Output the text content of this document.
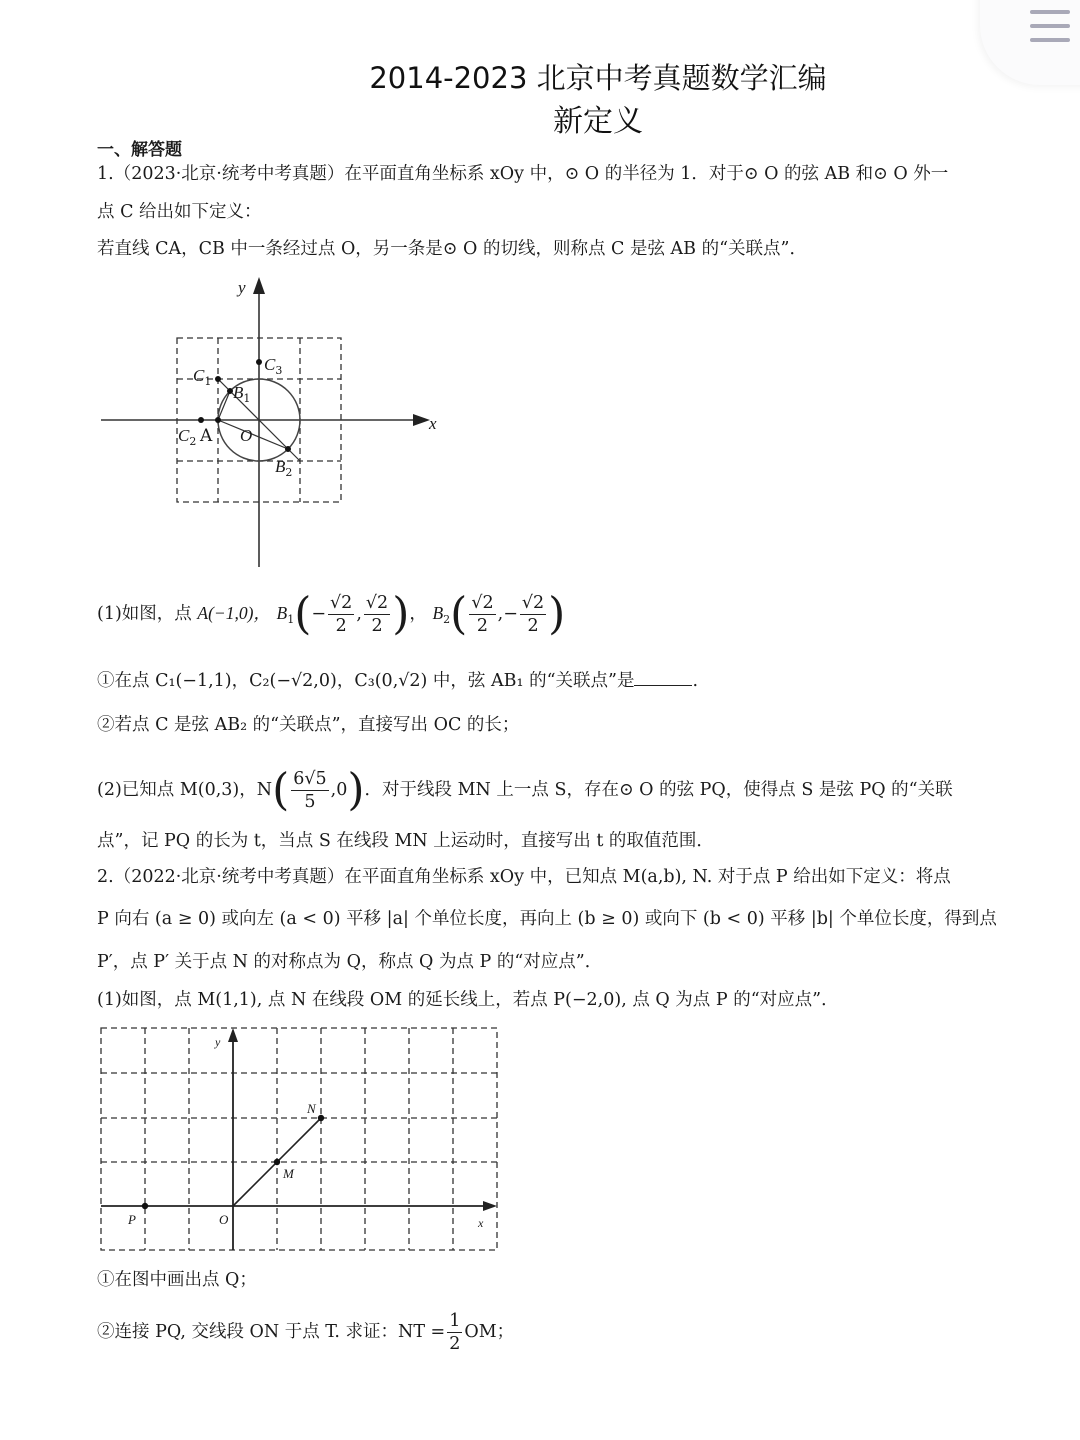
2014-2023 北京中考真题数学汇编
新定义
一、解答题
1.（2023·北京·统考中考真题）在平面直角坐标系 xOy 中，⊙ O 的半径为 1．对于⊙ O 的弦 AB 和⊙ O 外一
点 C 给出如下定义：
若直线 CA，CB 中一条经过点 O，另一条是⊙ O 的切线，则称点 C 是弦 AB 的“关联点”．
y
x
O
A
$B_1$
$B_2$
$C_1$
$C_2$
$C_3$
(1)如图，点 A(−1,0)， $B_1(- \frac{√2}{2}$ , $\frac{√2}{2}$ )， $B_2( \frac{√2}{2}$ ,− $\frac{√2}{2}$ )
①在点 C₁(−1,1)，C₂(−√2,0)，C₃(0,√2) 中，弦 AB₁ 的“关联点”是	.
②若点 C 是弦 AB₂ 的“关联点”，直接写出 OC 的长；
(2)已知点 M(0,3)，$N( \frac{6√5}{5} ,0)$．对于线段 MN 上一点 S，存在⊙ O 的弦 PQ，使得点 S 是弦 PQ 的“关联
点”，记 PQ 的长为 t，当点 S 在线段 MN 上运动时，直接写出 t 的取值范围．
2.（2022·北京·统考中考真题）在平面直角坐标系 xOy 中，已知点 M(a,b), N. 对于点 P 给出如下定义：将点
P 向右 (a ≥ 0) 或向左 (a < 0) 平移 |a| 个单位长度，再向上 (b ≥ 0) 或向下 (b < 0) 平移 |b| 个单位长度，得到点
P′，点 P′ 关于点 N 的对称点为 Q，称点 Q 为点 P 的“对应点”．
(1)如图，点 M(1,1), 点 N 在线段 OM 的延长线上，若点 P(−2,0), 点 Q 为点 P 的“对应点”．
y
x
O
P
M
N
①在图中画出点 Q；
②连接 PQ, 交线段 ON 于点 T. 求证：NT = $\frac{1}{2}$ OM；
